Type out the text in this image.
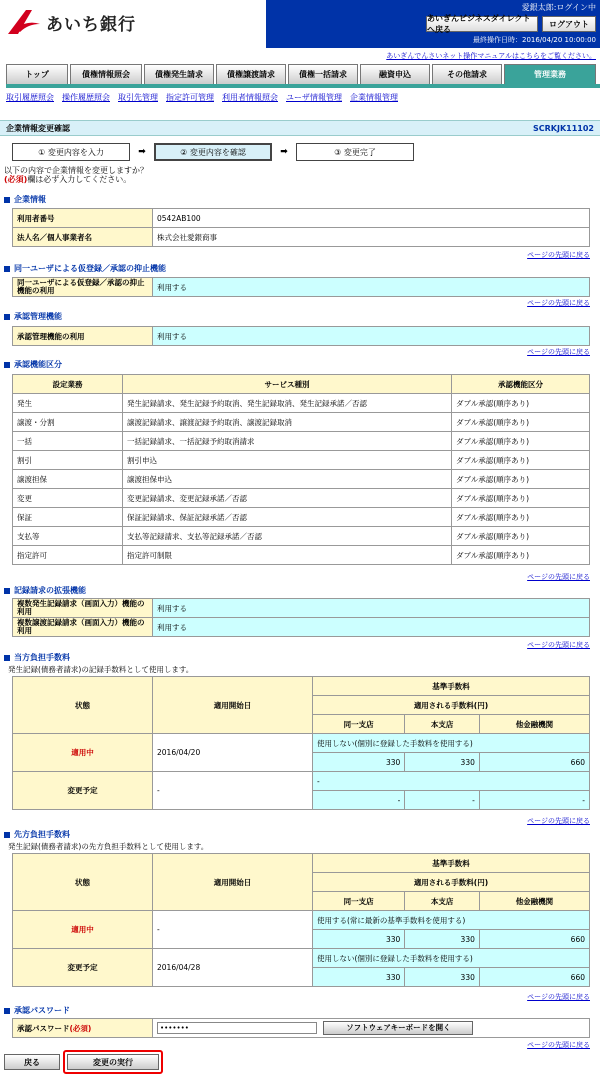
あいち銀行
愛銀太郎:ログイン中
あいぎんビジネスダイレクトへ戻る
ログアウト
最終操作日時：2016/04/20 10:00:00
あいぎんでんさいネット操作マニュアルはこちらをご覧ください。
トップ	債権情報照会	債権発生請求	債権譲渡請求	債権一括請求	融資申込	その他請求	管理業務
取引履歴照会 操作履歴照会 取引先管理 指定許可管理 利用者情報照会 ユーザ情報管理 企業情報管理
企業情報変更確認	SCRKJK11102
① 変更内容を入力	➡	② 変更内容を確認	➡	③ 変更完了
以下の内容で企業情報を変更しますか？
(必須)欄は必ず入力してください。
企業情報
利用者番号	0542AB100
法人名／個人事業者名	株式会社愛銀商事
ページの先頭に戻る
同一ユーザによる仮登録／承認の抑止機能
同一ユーザによる仮登録／承認の抑止機能の利用	利用する
ページの先頭に戻る
承認管理機能
承認管理機能の利用	利用する
ページの先頭に戻る
承認機能区分
設定業務	サービス種別	承認機能区分
発生	発生記録請求、発生記録予約取消、発生記録取消、発生記録承諾／否認	ダブル承認(順序あり)
譲渡・分割	譲渡記録請求、譲渡記録予約取消、譲渡記録取消	ダブル承認(順序あり)
一括	一括記録請求、一括記録予約取消請求	ダブル承認(順序あり)
割引	割引申込	ダブル承認(順序あり)
譲渡担保	譲渡担保申込	ダブル承認(順序あり)
変更	変更記録請求、変更記録承諾／否認	ダブル承認(順序あり)
保証	保証記録請求、保証記録承諾／否認	ダブル承認(順序あり)
支払等	支払等記録請求、支払等記録承諾／否認	ダブル承認(順序あり)
指定許可	指定許可制限	ダブル承認(順序あり)
ページの先頭に戻る
記録請求の拡張機能
複数発生記録請求（画面入力）機能の利用	利用する
複数譲渡記録請求（画面入力）機能の利用	利用する
ページの先頭に戻る
当方負担手数料
発生記録(債務者請求)の記録手数料として使用します。
状態	適用開始日	基準手数料		
		適用される手数料(円)		
		同一支店	本支店	他金融機関
適用中	2016/04/20	使用しない(個別に登録した手数料を使用する)		
		330	330	660
変更予定	-	-		
		-	-	-
ページの先頭に戻る
先方負担手数料
発生記録(債務者請求)の先方負担手数料として使用します。
状態	適用開始日	基準手数料		
		適用される手数料(円)		
		同一支店	本支店	他金融機関
適用中	-	使用する(常に最新の基準手数料を使用する)		
		330	330	660
変更予定	2016/04/28	使用しない(個別に登録した手数料を使用する)		
		330	330	660
ページの先頭に戻る
承認パスワード
承認パスワード(必須)	•••••••	ソフトウェアキーボードを開く
ページの先頭に戻る
戻る	変更の実行
